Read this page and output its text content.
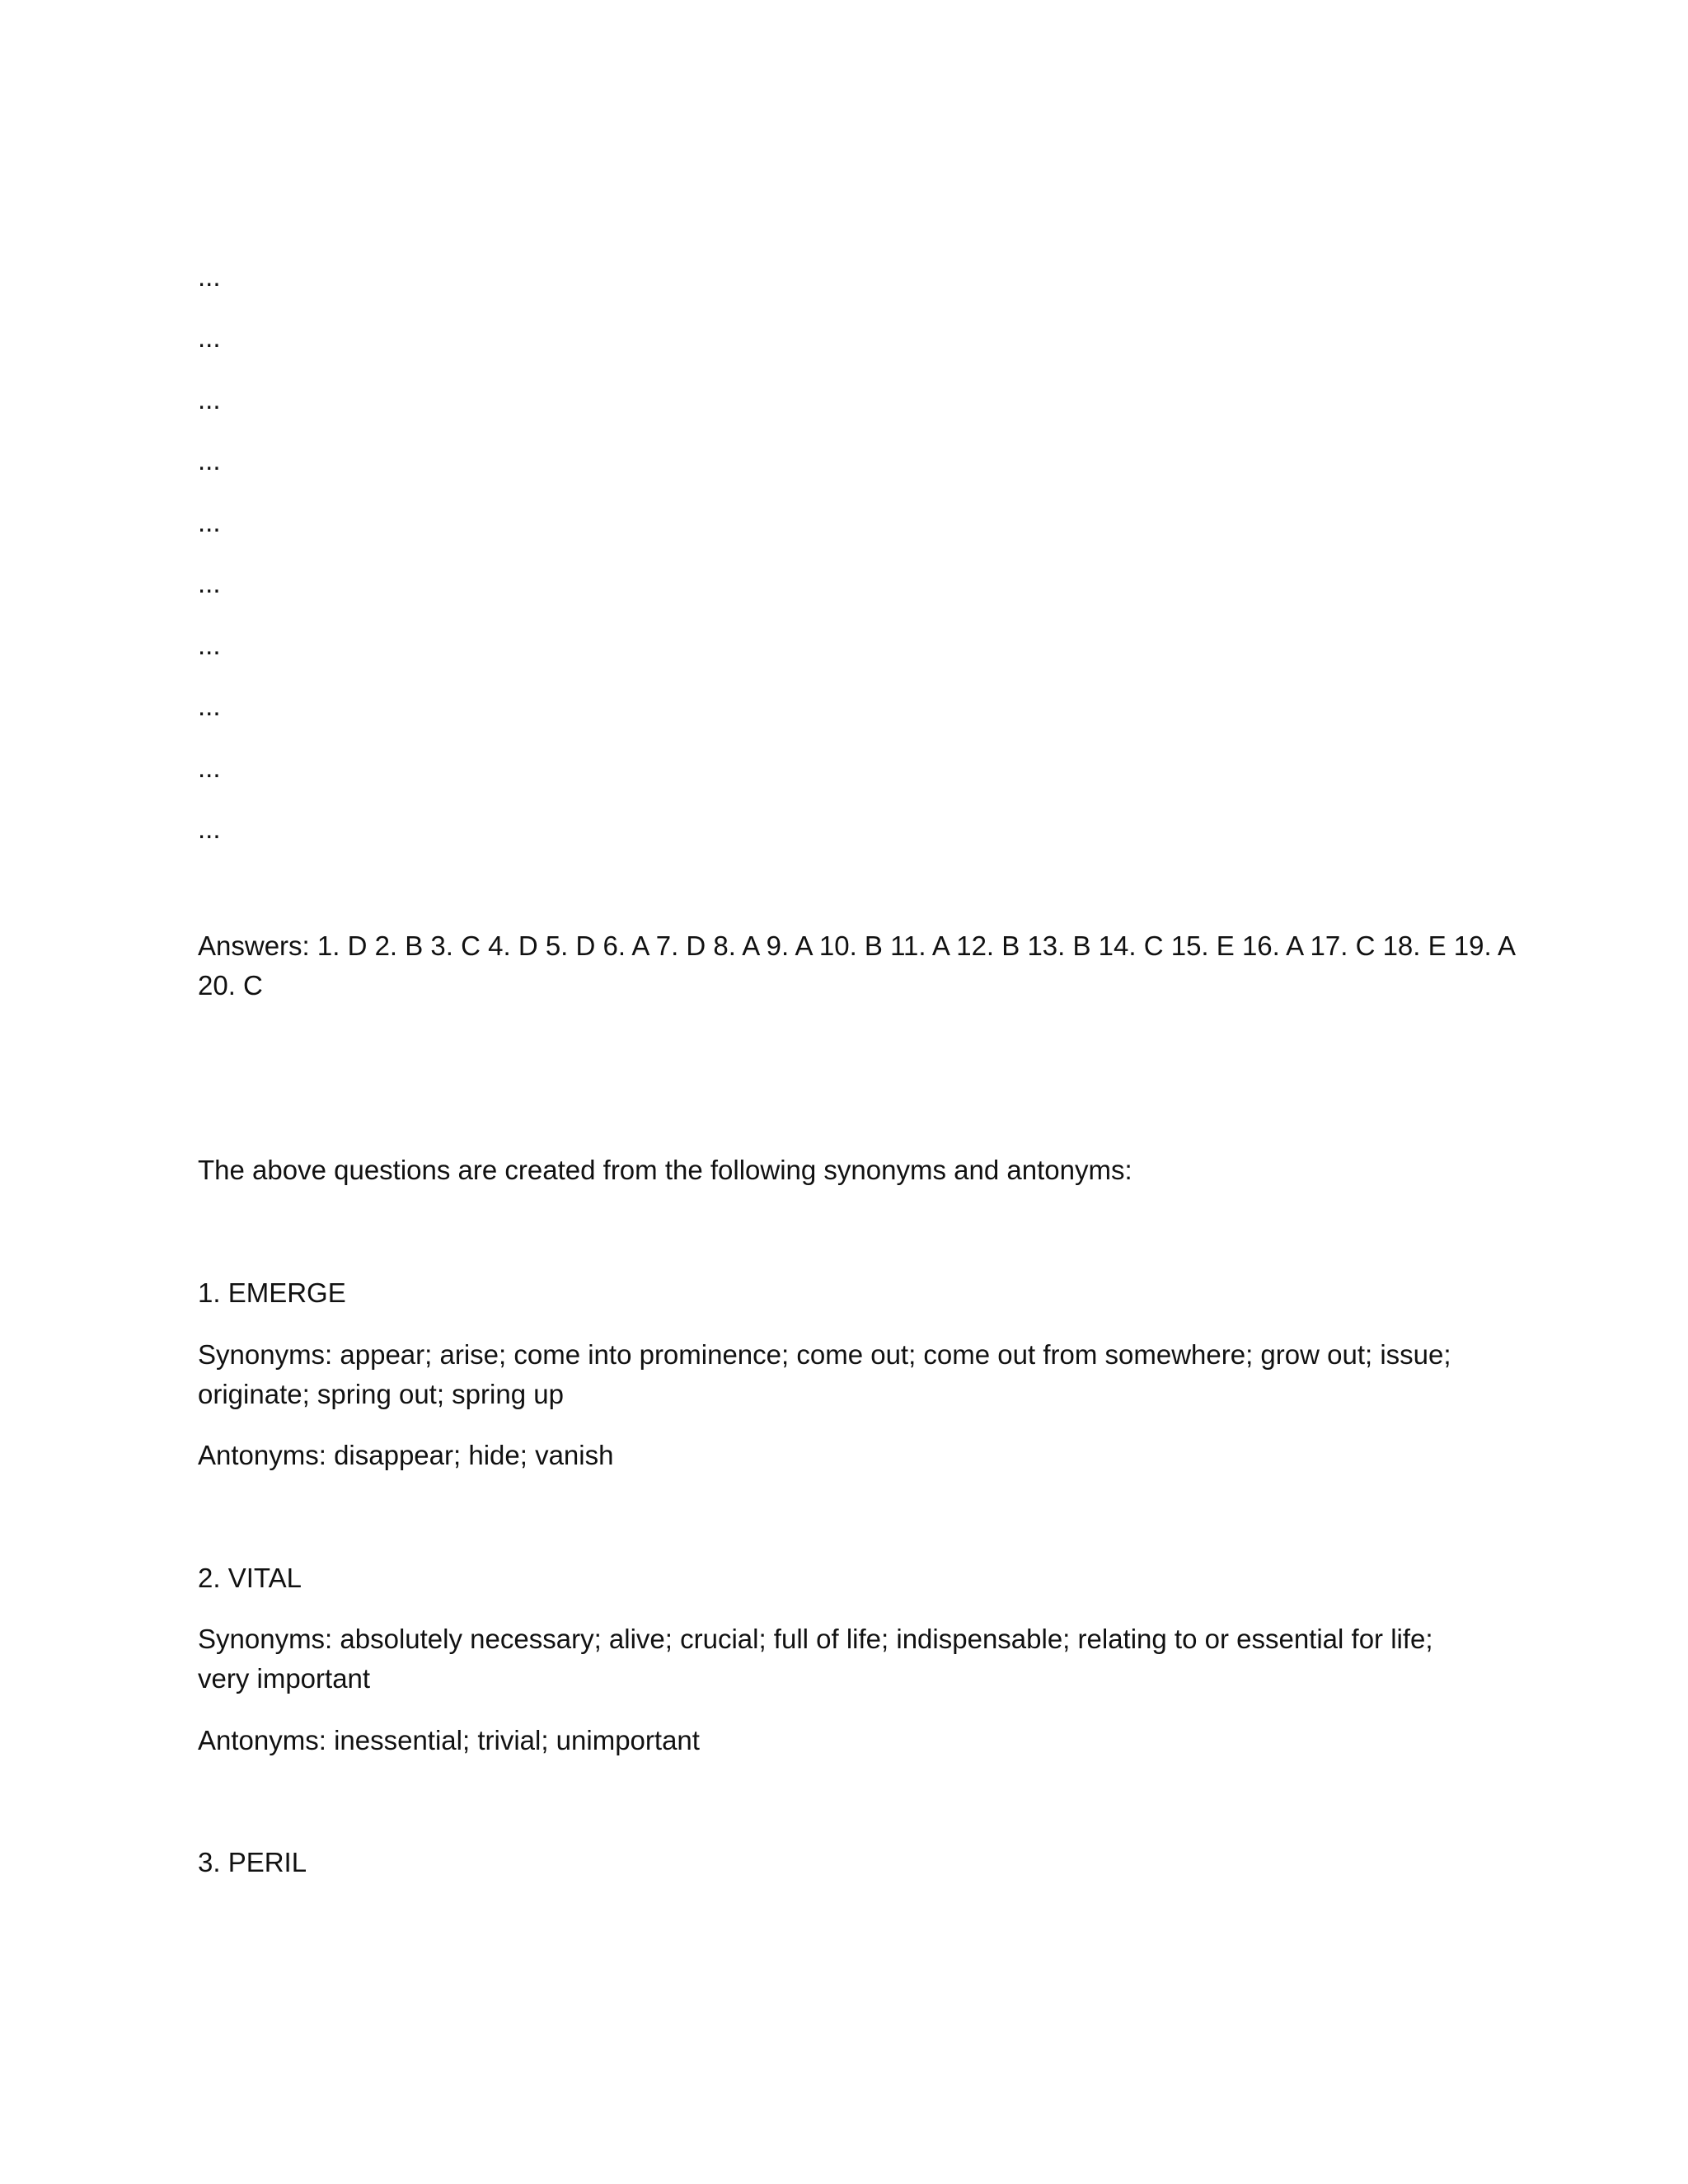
...

...

...

...

...

...

...

...

...

...

Answers: 1. D 2. B 3. C 4. D 5. D 6. A 7. D 8. A 9. A 10. B 11. A 12. B 13. B 14. C 15. E 16. A 17. C 18. E 19. A

20. C

The above questions are created from the following synonyms and antonyms:

1. EMERGE

Synonyms: appear; arise; come into prominence; come out; come out from somewhere; grow out; issue;

originate; spring out; spring up

Antonyms: disappear; hide; vanish

2. VITAL

Synonyms: absolutely necessary; alive; crucial; full of life; indispensable; relating to or essential for life;

very important

Antonyms: inessential; trivial; unimportant

3. PERIL
